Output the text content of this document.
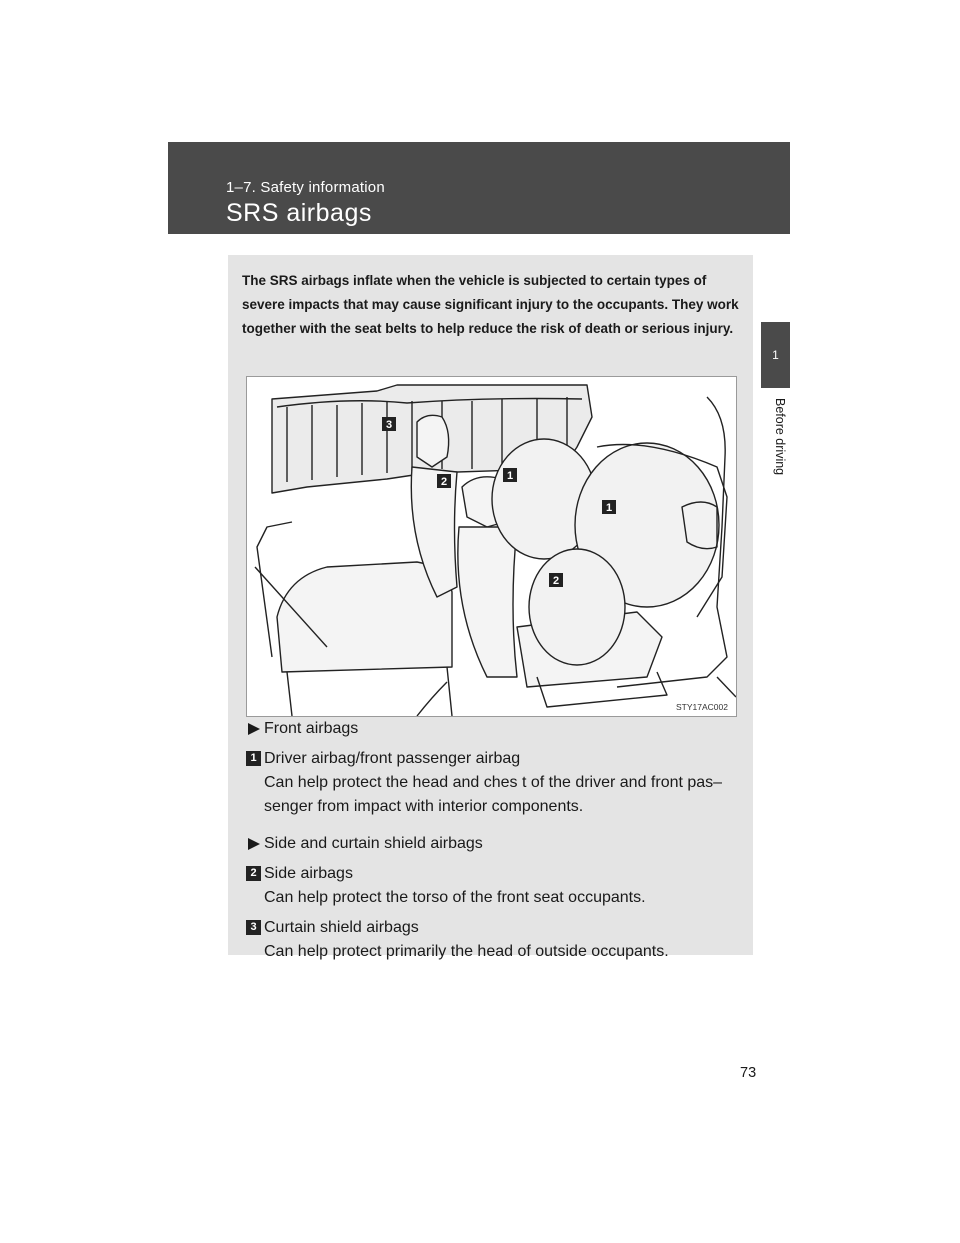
1‒7. Safety information
SRS airbags
1
Before driving
The SRS airbags inflate when the vehicle is subjected to certain types of severe impacts that may cause significant injury to the occupants. They work together with the seat belts to help reduce the risk of death or serious injury.
3
2	1
1
2
STY17AC002
Front airbags
1 Driver airbag/front passenger airbag
Can help protect the head and ches t of the driver and front pas‒ senger from impact with interior components.
Side and curtain shield airbags
2 Side airbags
Can help protect the torso of the front seat occupants.
3 Curtain shield airbags
Can help protect primarily the head of outside occupants.
73
